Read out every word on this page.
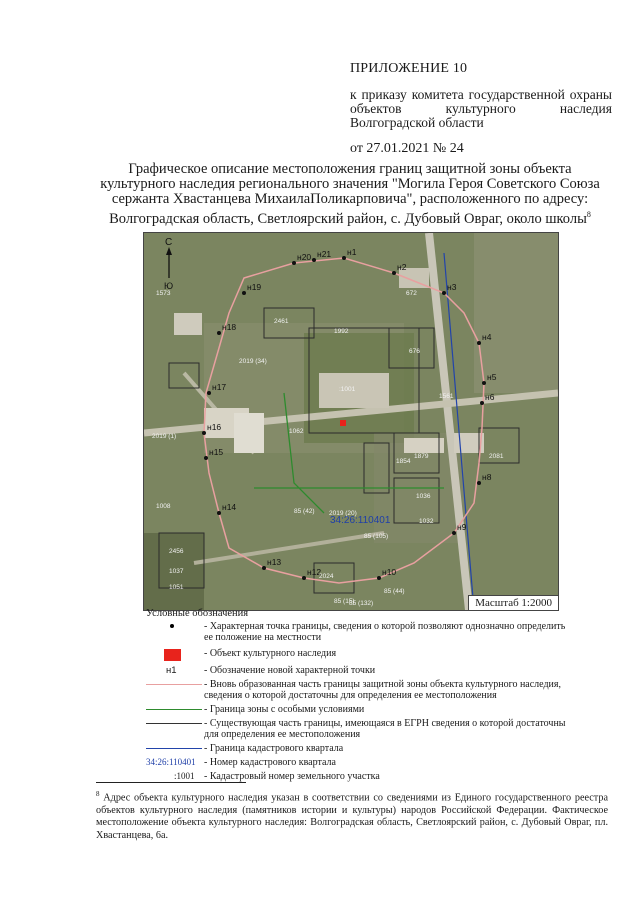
ПРИЛОЖЕНИЕ 10
к приказу комитета государственной охраны объектов культурного наследия Волгоградской области
от 27.01.2021 № 24
Графическое описание местоположения границ защитной зоны объекта культурного наследия регионального значения "Могила Героя Советского Союза сержанта Хвастанцева МихаилаПоликарповича", расположенного по адресу: Волгоградская область, Светлоярский район, с. Дубовый Овраг, около школы$^8$
С
Ю
34:26:110401
н1
н2
н3
н4
н5
н6
н8
н9
н10
н12
н13
н14
н15
н16
н17
н18
н19
н20 н21
:1001
2461
2019 (34)
1879
1036
1032
1854
2456
1037
1051
2019 (20)
1573
2019 (1)
2081
1561
676
672
1008
1062
2024
85 (44)
85 (15)
85 (132)
85 (42)
85 (105)
1992
Масштаб 1:2000
Условные обозначения
- Характерная точка границы, сведения о которой позволяют однозначно определить ее положение на местности
- Объект культурного наследия
н1	- Обозначение новой характерной точки
- Вновь образованная часть границы защитной зоны объекта культурного наследия, сведения о которой достаточны для определения ее местоположения
- Граница зоны с особыми условиями
- Существующая часть границы, имеющаяся в ЕГРН сведения о которой достаточны для определения ее местоположения
- Граница кадастрового квартала
34:26:110401 - Номер кадастрового квартала
:1001 - Кадастровый номер земельного участка
$^8$ Адрес объекта культурного наследия указан в соответствии со сведениями из Единого государственного реестра объектов культурного наследия (памятников истории и культуры) народов Российской Федерации. Фактическое местоположение объекта культурного наследия: Волгоградская область, Светлоярский район, с. Дубовый Овраг, пл. Хвастанцева, 6а.
